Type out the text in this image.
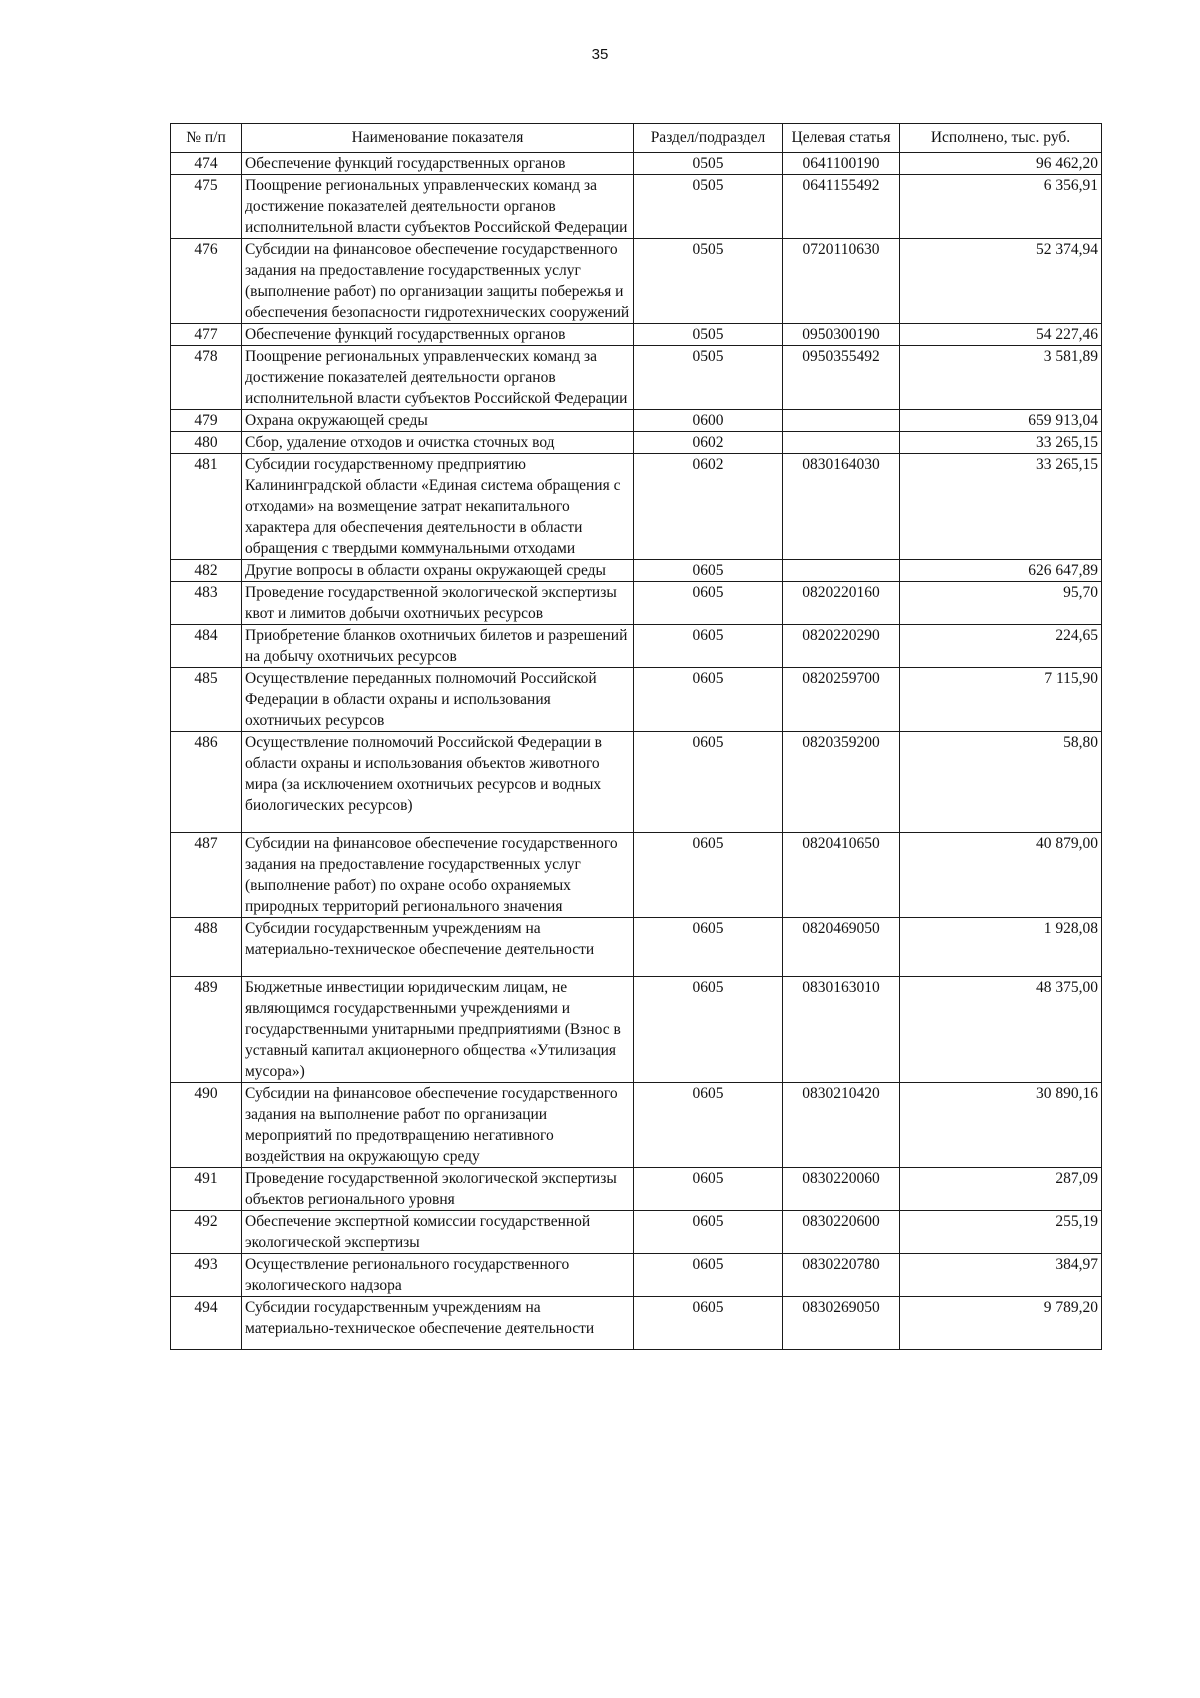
35
№ п/п	Наименование показателя	Раздел/подраздел	Целевая статья	Исполнено, тыс. руб.
474	Обеспечение функций государственных органов	0505	0641100190	96 462,20
475	Поощрение региональных управленческих команд за достижение показателей деятельности органов исполнительной власти субъектов Российской Федерации	0505	0641155492	6 356,91
476	Субсидии на финансовое обеспечение государственного задания на предоставление государственных услуг (выполнение работ) по организации защиты побережья и обеспечения безопасности гидротехнических сооружений	0505	0720110630	52 374,94
477	Обеспечение функций государственных органов	0505	0950300190	54 227,46
478	Поощрение региональных управленческих команд за достижение показателей деятельности органов исполнительной власти субъектов Российской Федерации	0505	0950355492	3 581,89
479	Охрана окружающей среды	0600		659 913,04
480	Сбор, удаление отходов и очистка сточных вод	0602		33 265,15
481	Субсидии государственному предприятию Калининградской области «Единая система обращения с отходами» на возмещение затрат некапитального характера для обеспечения деятельности в области обращения с твердыми коммунальными отходами	0602	0830164030	33 265,15
482	Другие вопросы в области охраны окружающей среды	0605		626 647,89
483	Проведение государственной экологической экспертизы квот и лимитов добычи охотничьих ресурсов	0605	0820220160	95,70
484	Приобретение бланков охотничьих билетов и разрешений на добычу охотничьих ресурсов	0605	0820220290	224,65
485	Осуществление переданных полномочий Российской Федерации в области охраны и использования охотничьих ресурсов	0605	0820259700	7 115,90
486	Осуществление полномочий Российской Федерации в области охраны и использования объектов животного мира (за исключением охотничьих ресурсов и водных биологических ресурсов)	0605	0820359200	58,80
487	Субсидии на финансовое обеспечение государственного задания на предоставление государственных услуг (выполнение работ) по охране особо охраняемых природных территорий регионального значения	0605	0820410650	40 879,00
488	Субсидии государственным учреждениям на материально-техническое обеспечение деятельности	0605	0820469050	1 928,08
489	Бюджетные инвестиции юридическим лицам, не являющимся государственными учреждениями и государственными унитарными предприятиями (Взнос в уставный капитал акционерного общества «Утилизация мусора»)	0605	0830163010	48 375,00
490	Субсидии на финансовое обеспечение государственного задания на выполнение работ по организации мероприятий по предотвращению негативного воздействия на окружающую среду	0605	0830210420	30 890,16
491	Проведение государственной экологической экспертизы объектов регионального уровня	0605	0830220060	287,09
492	Обеспечение экспертной комиссии государственной экологической экспертизы	0605	0830220600	255,19
493	Осуществление регионального государственного экологического надзора	0605	0830220780	384,97
494	Субсидии государственным учреждениям на материально-техническое обеспечение деятельности	0605	0830269050	9 789,20
